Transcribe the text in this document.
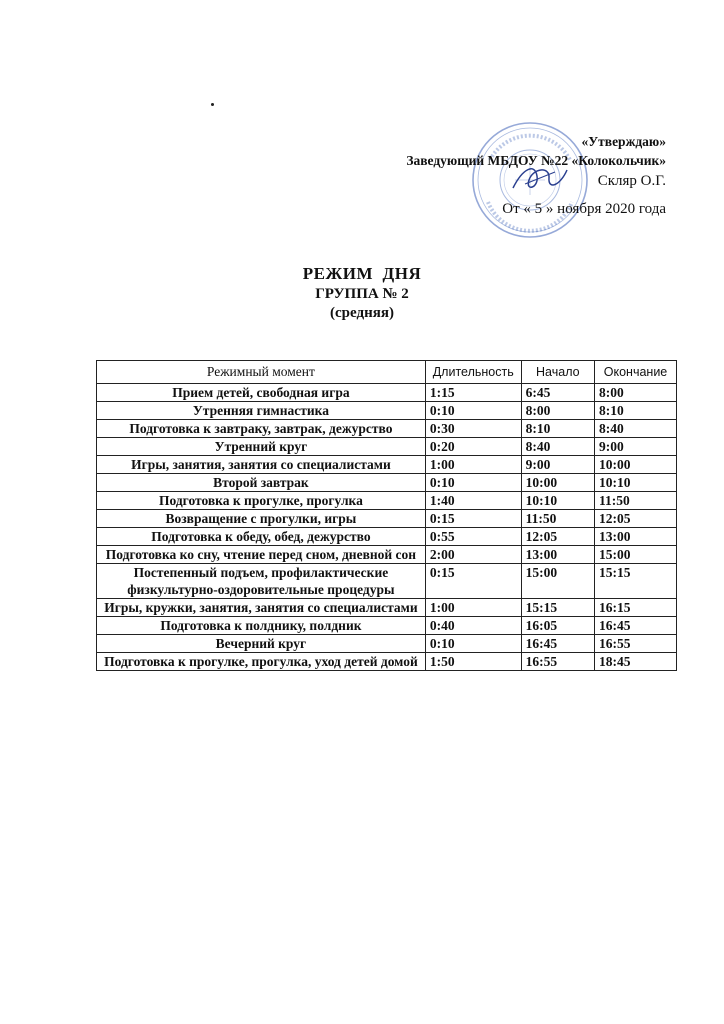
«Утверждаю»
Заведующий МБДОУ №22 «Колокольчик»
Скляр О.Г.
От « 5 » ноября 2020 года
РЕЖИМ  ДНЯ
ГРУППА № 2
(средняя)
Режимный момент	Длительность	Начало	Окончание
Прием детей, свободная игра	1:15	6:45	8:00
Утренняя гимнастика	0:10	8:00	8:10
Подготовка к завтраку, завтрак, дежурство	0:30	8:10	8:40
Утренний круг	0:20	8:40	9:00
Игры, занятия, занятия со специалистами	1:00	9:00	10:00
Второй завтрак	0:10	10:00	10:10
Подготовка к прогулке, прогулка	1:40	10:10	11:50
Возвращение с прогулки, игры	0:15	11:50	12:05
Подготовка к обеду, обед, дежурство	0:55	12:05	13:00
Подготовка ко сну, чтение перед сном, дневной сон	2:00	13:00	15:00
Постепенный подъем, профилактические физкультурно-оздоровительные процедуры	0:15	15:00	15:15
Игры, кружки, занятия, занятия со специалистами	1:00	15:15	16:15
Подготовка к полднику, полдник	0:40	16:05	16:45
Вечерний круг	0:10	16:45	16:55
Подготовка к прогулке, прогулка, уход детей домой	1:50	16:55	18:45
